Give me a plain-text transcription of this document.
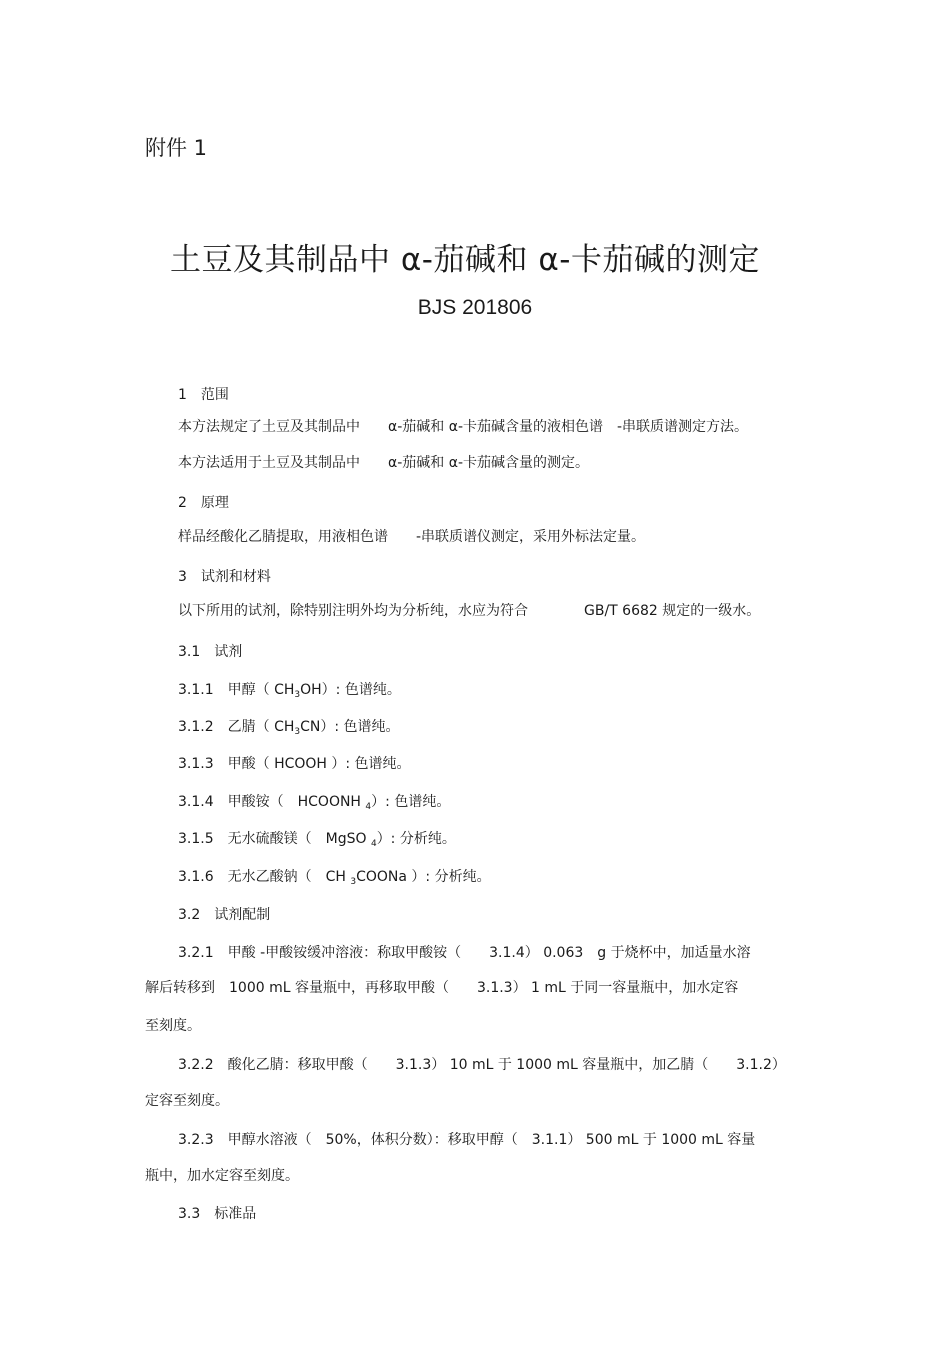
附件 1
土豆及其制品中 α-茄碱和 α-卡茄碱的测定
BJS 201806
1　范围
本方法规定了土豆及其制品中　　α-茄碱和 α-卡茄碱含量的液相色谱　-串联质谱测定方法。
本方法适用于土豆及其制品中　　α-茄碱和 α-卡茄碱含量的测定。
2　原理
样品经酸化乙腈提取，用液相色谱　　-串联质谱仪测定，采用外标法定量。
3　试剂和材料
以下所用的试剂，除特别注明外均为分析纯，水应为符合　　　　GB/T 6682 规定的一级水。
3.1　试剂
3.1.1　甲醇（ $CH_3OH$）: 色谱纯。
3.1.2　乙腈（ $CH_3CN$）: 色谱纯。
3.1.3　甲酸（ HCOOH ）: 色谱纯。
3.1.4　甲酸铵（　HCOONH $_4$）: 色谱纯。
3.1.5　无水硫酸镁（　MgSO $_4$）: 分析纯。
3.1.6　无水乙酸钠（　CH $_3$COONa ）: 分析纯。
3.2　试剂配制
3.2.1　甲酸 -甲酸铵缓冲溶液：称取甲酸铵（　　3.1.4） 0.063　g 于烧杯中，加适量水溶
解后转移到　1000 mL 容量瓶中，再移取甲酸（　　3.1.3） 1 mL 于同一容量瓶中，加水定容
至刻度。
3.2.2　酸化乙腈：移取甲酸（　　3.1.3） 10 mL 于 1000 mL 容量瓶中，加乙腈（　　3.1.2）
定容至刻度。
3.2.3　甲醇水溶液（　50%，体积分数）：移取甲醇（　3.1.1） 500 mL 于 1000 mL 容量
瓶中，加水定容至刻度。
3.3　标准品
